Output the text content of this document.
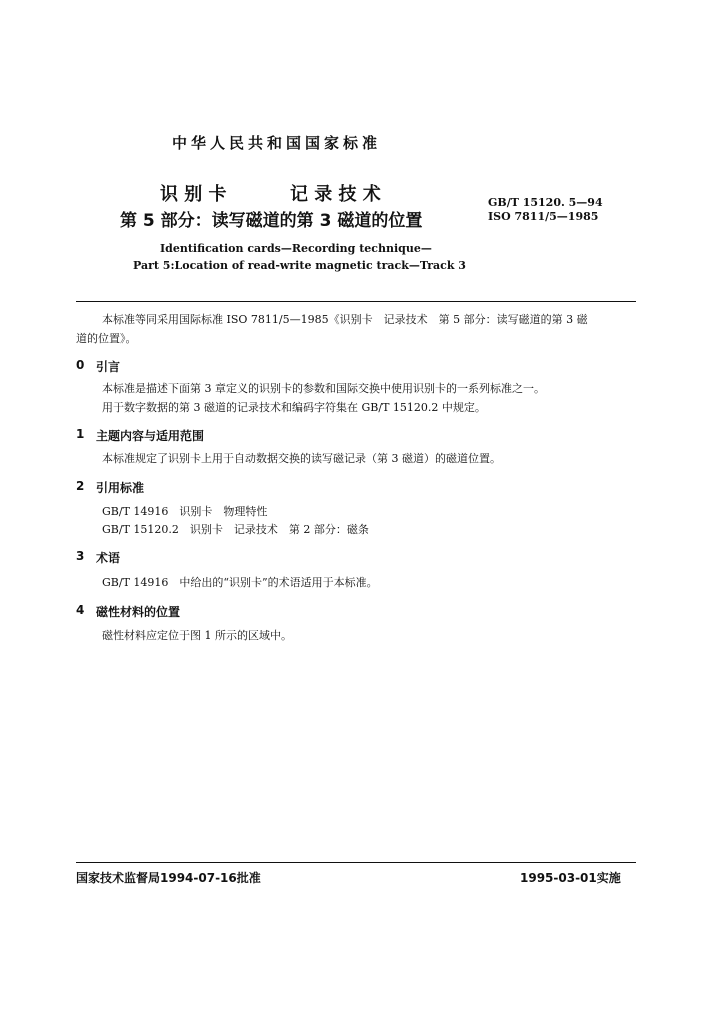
中华人民共和国国家标准
识 别 卡	记 录 技 术
第 5 部分：读写磁道的第 3 磁道的位置
GB/T 15120. 5—94
ISO 7811/5—1985
Identification cards—Recording technique—
Part 5:Location of read-write magnetic track—Track 3
本标准等同采用国际标准 ISO 7811/5—1985《识别卡　记录技术　第 5 部分：读写磁道的第 3 磁
道的位置》。
0 引言
本标准是描述下面第 3 章定义的识别卡的参数和国际交换中使用识别卡的一系列标准之一。
用于数字数据的第 3 磁道的记录技术和编码字符集在 GB/T 15120.2 中规定。
1 主题内容与适用范围
本标准规定了识别卡上用于自动数据交换的读写磁记录（第 3 磁道）的磁道位置。
2 引用标准
GB/T 14916　识别卡　物理特性
GB/T 15120.2　识别卡　记录技术　第 2 部分：磁条
3 术语
GB/T 14916　中给出的“识别卡”的术语适用于本标准。
4 磁性材料的位置
磁性材料应定位于图 1 所示的区域中。
国家技术监督局1994-07-16批准	1995-03-01实施
